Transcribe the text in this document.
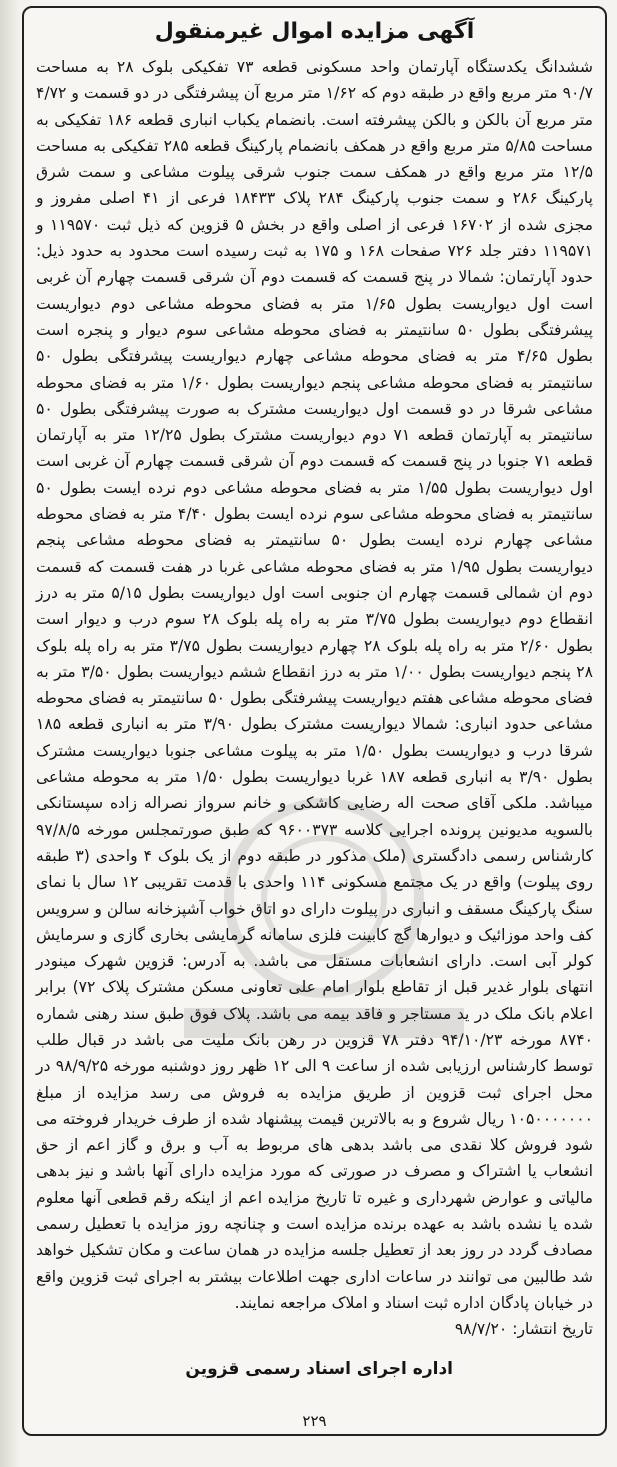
آگهی مزایده اموال غیرمنقول

ششدانگ یکدستگاه آپارتمان واحد مسکونی قطعه ۷۳ تفکیکی بلوک ۲۸ به مساحت ۹۰/۷ متر مربع واقع در طبقه دوم که ۱/۶۲ متر مربع آن پیشرفتگی در دو قسمت و ۴/۷۲ متر مربع آن بالکن و بالکن پیشرفته است. بانضمام یکباب انباری قطعه ۱۸۶ تفکیکی به مساحت ۵/۸۵ متر مربع واقع در همکف بانضمام پارکینگ قطعه ۲۸۵ تفکیکی به مساحت ۱۲/۵ متر مربع واقع در همکف سمت جنوب شرقی پیلوت مشاعی و سمت شرق پارکینگ ۲۸۶ و سمت جنوب پارکینگ ۲۸۴ پلاک ۱۸۴۳۳ فرعی از ۴۱ اصلی مفروز و مجزی شده از ۱۶۷۰۲ فرعی از اصلی واقع در بخش ۵ قزوین که ذیل ثبت ۱۱۹۵۷۰ و ۱۱۹۵۷۱ دفتر جلد ۷۲۶ صفحات ۱۶۸ و ۱۷۵ به ثبت رسیده است محدود به حدود ذیل: حدود آپارتمان: شمالا در پنج قسمت که قسمت دوم آن شرقی قسمت چهارم آن غربی است اول دیواریست بطول ۱/۶۵ متر به فضای محوطه مشاعی دوم دیواریست پیشرفتگی بطول ۵۰ سانتیمتر به فضای محوطه مشاعی سوم دیوار و پنجره است بطول ۴/۶۵ متر به فضای محوطه مشاعی چهارم دیواریست پیشرفتگی بطول ۵۰ سانتیمتر به فضای محوطه مشاعی پنجم دیواریست بطول ۱/۶۰ متر به فضای محوطه مشاعی شرقا در دو قسمت اول دیواریست مشترک به صورت پیشرفتگی بطول ۵۰ سانتیمتر به آپارتمان قطعه ۷۱ دوم دیواریست مشترک بطول ۱۲/۲۵ متر به آپارتمان قطعه ۷۱ جنوبا در پنج قسمت که قسمت دوم آن شرقی قسمت چهارم آن غربی است اول دیواریست بطول ۱/۵۵ متر به فضای محوطه مشاعی دوم نرده ایست بطول ۵۰ سانتیمتر به فضای محوطه مشاعی سوم نرده ایست بطول ۴/۴۰ متر به فضای محوطه مشاعی چهارم نرده ایست بطول ۵۰ سانتیمتر به فضای محوطه مشاعی پنجم دیواریست بطول ۱/۹۵ متر به فضای محوطه مشاعی غربا در هفت قسمت که قسمت دوم ان شمالی قسمت چهارم ان جنوبی است اول دیواریست بطول ۵/۱۵ متر به درز انقطاع دوم دیواریست بطول ۳/۷۵ متر به راه پله بلوک ۲۸ سوم درب و دیوار است بطول ۲/۶۰ متر به راه پله بلوک ۲۸ چهارم دیواریست بطول ۳/۷۵ متر به راه پله بلوک ۲۸ پنجم دیواریست بطول ۱/۰۰ متر به درز انقطاع ششم دیواریست بطول ۳/۵۰ متر به فضای محوطه مشاعی هفتم دیواریست پیشرفتگی بطول ۵۰ سانتیمتر به فضای محوطه مشاعی حدود انباری: شمالا دیواریست مشترک بطول ۳/۹۰ متر به انباری قطعه ۱۸۵ شرقا درب و دیواریست بطول ۱/۵۰ متر به پیلوت مشاعی جنوبا دیواریست مشترک بطول ۳/۹۰ به انباری قطعه ۱۸۷ غربا دیواریست بطول ۱/۵۰ متر به محوطه مشاعی میباشد. ملکی آقای صحت اله رضایی کاشکی و خانم سرواز نصراله زاده سپستانکی بالسویه مدیونین پرونده اجرایی کلاسه ۹۶۰۰۳۷۳ که طبق صورتمجلس مورخه ۹۷/۸/۵ کارشناس رسمی دادگستری (ملک مذکور در طبقه دوم از یک بلوک ۴ واحدی (۳ طبقه روی پیلوت) واقع در یک مجتمع مسکونی ۱۱۴ واحدی با قدمت تقریبی ۱۲ سال با نمای سنگ پارکینگ مسقف و انباری در پیلوت دارای دو اتاق خواب آشپزخانه سالن و سرویس کف واحد موزائیک و دیوارها گچ کابینت فلزی سامانه گرمایشی بخاری گازی و سرمایش کولر آبی است. دارای انشعابات مستقل می باشد. به آدرس: قزوین شهرک مینودر انتهای بلوار غدیر قبل از تقاطع بلوار امام علی تعاونی مسکن مشترک پلاک ۷۲) برابر اعلام بانک ملک در ید مستاجر و فاقد بیمه می باشد. پلاک فوق طبق سند رهنی شماره ۸۷۴۰ مورخه ۹۴/۱۰/۲۳ دفتر ۷۸ قزوین در رهن بانک ملیت می باشد در قبال طلب توسط کارشناس ارزیابی شده از ساعت ۹ الی ۱۲ ظهر روز دوشنبه مورخه ۹۸/۹/۲۵ در محل اجرای ثبت قزوین از طریق مزایده به فروش می رسد مزایده از مبلغ ۱۰۵۰۰۰۰۰۰۰ ریال شروع و به بالاترین قیمت پیشنهاد شده از طرف خریدار فروخته می شود فروش کلا نقدی می باشد بدهی های مربوط به آب و برق و گاز اعم از حق انشعاب یا اشتراک و مصرف در صورتی که مورد مزایده دارای آنها باشد و نیز بدهی مالیاتی و عوارض شهرداری و غیره تا تاریخ مزایده اعم از اینکه رقم قطعی آنها معلوم شده یا نشده باشد به عهده برنده مزایده است و چنانچه روز مزایده با تعطیل رسمی مصادف گردد در روز بعد از تعطیل جلسه مزایده در همان ساعت و مکان تشکیل خواهد شد طالبین می توانند در ساعات اداری جهت اطلاعات بیشتر به اجرای ثبت قزوین واقع در خیابان پادگان اداره ثبت اسناد و املاک مراجعه نمایند.

تاریخ انتشار: ۹۸/۷/۲۰

اداره اجرای اسناد رسمی قزوین
۲۲۹
